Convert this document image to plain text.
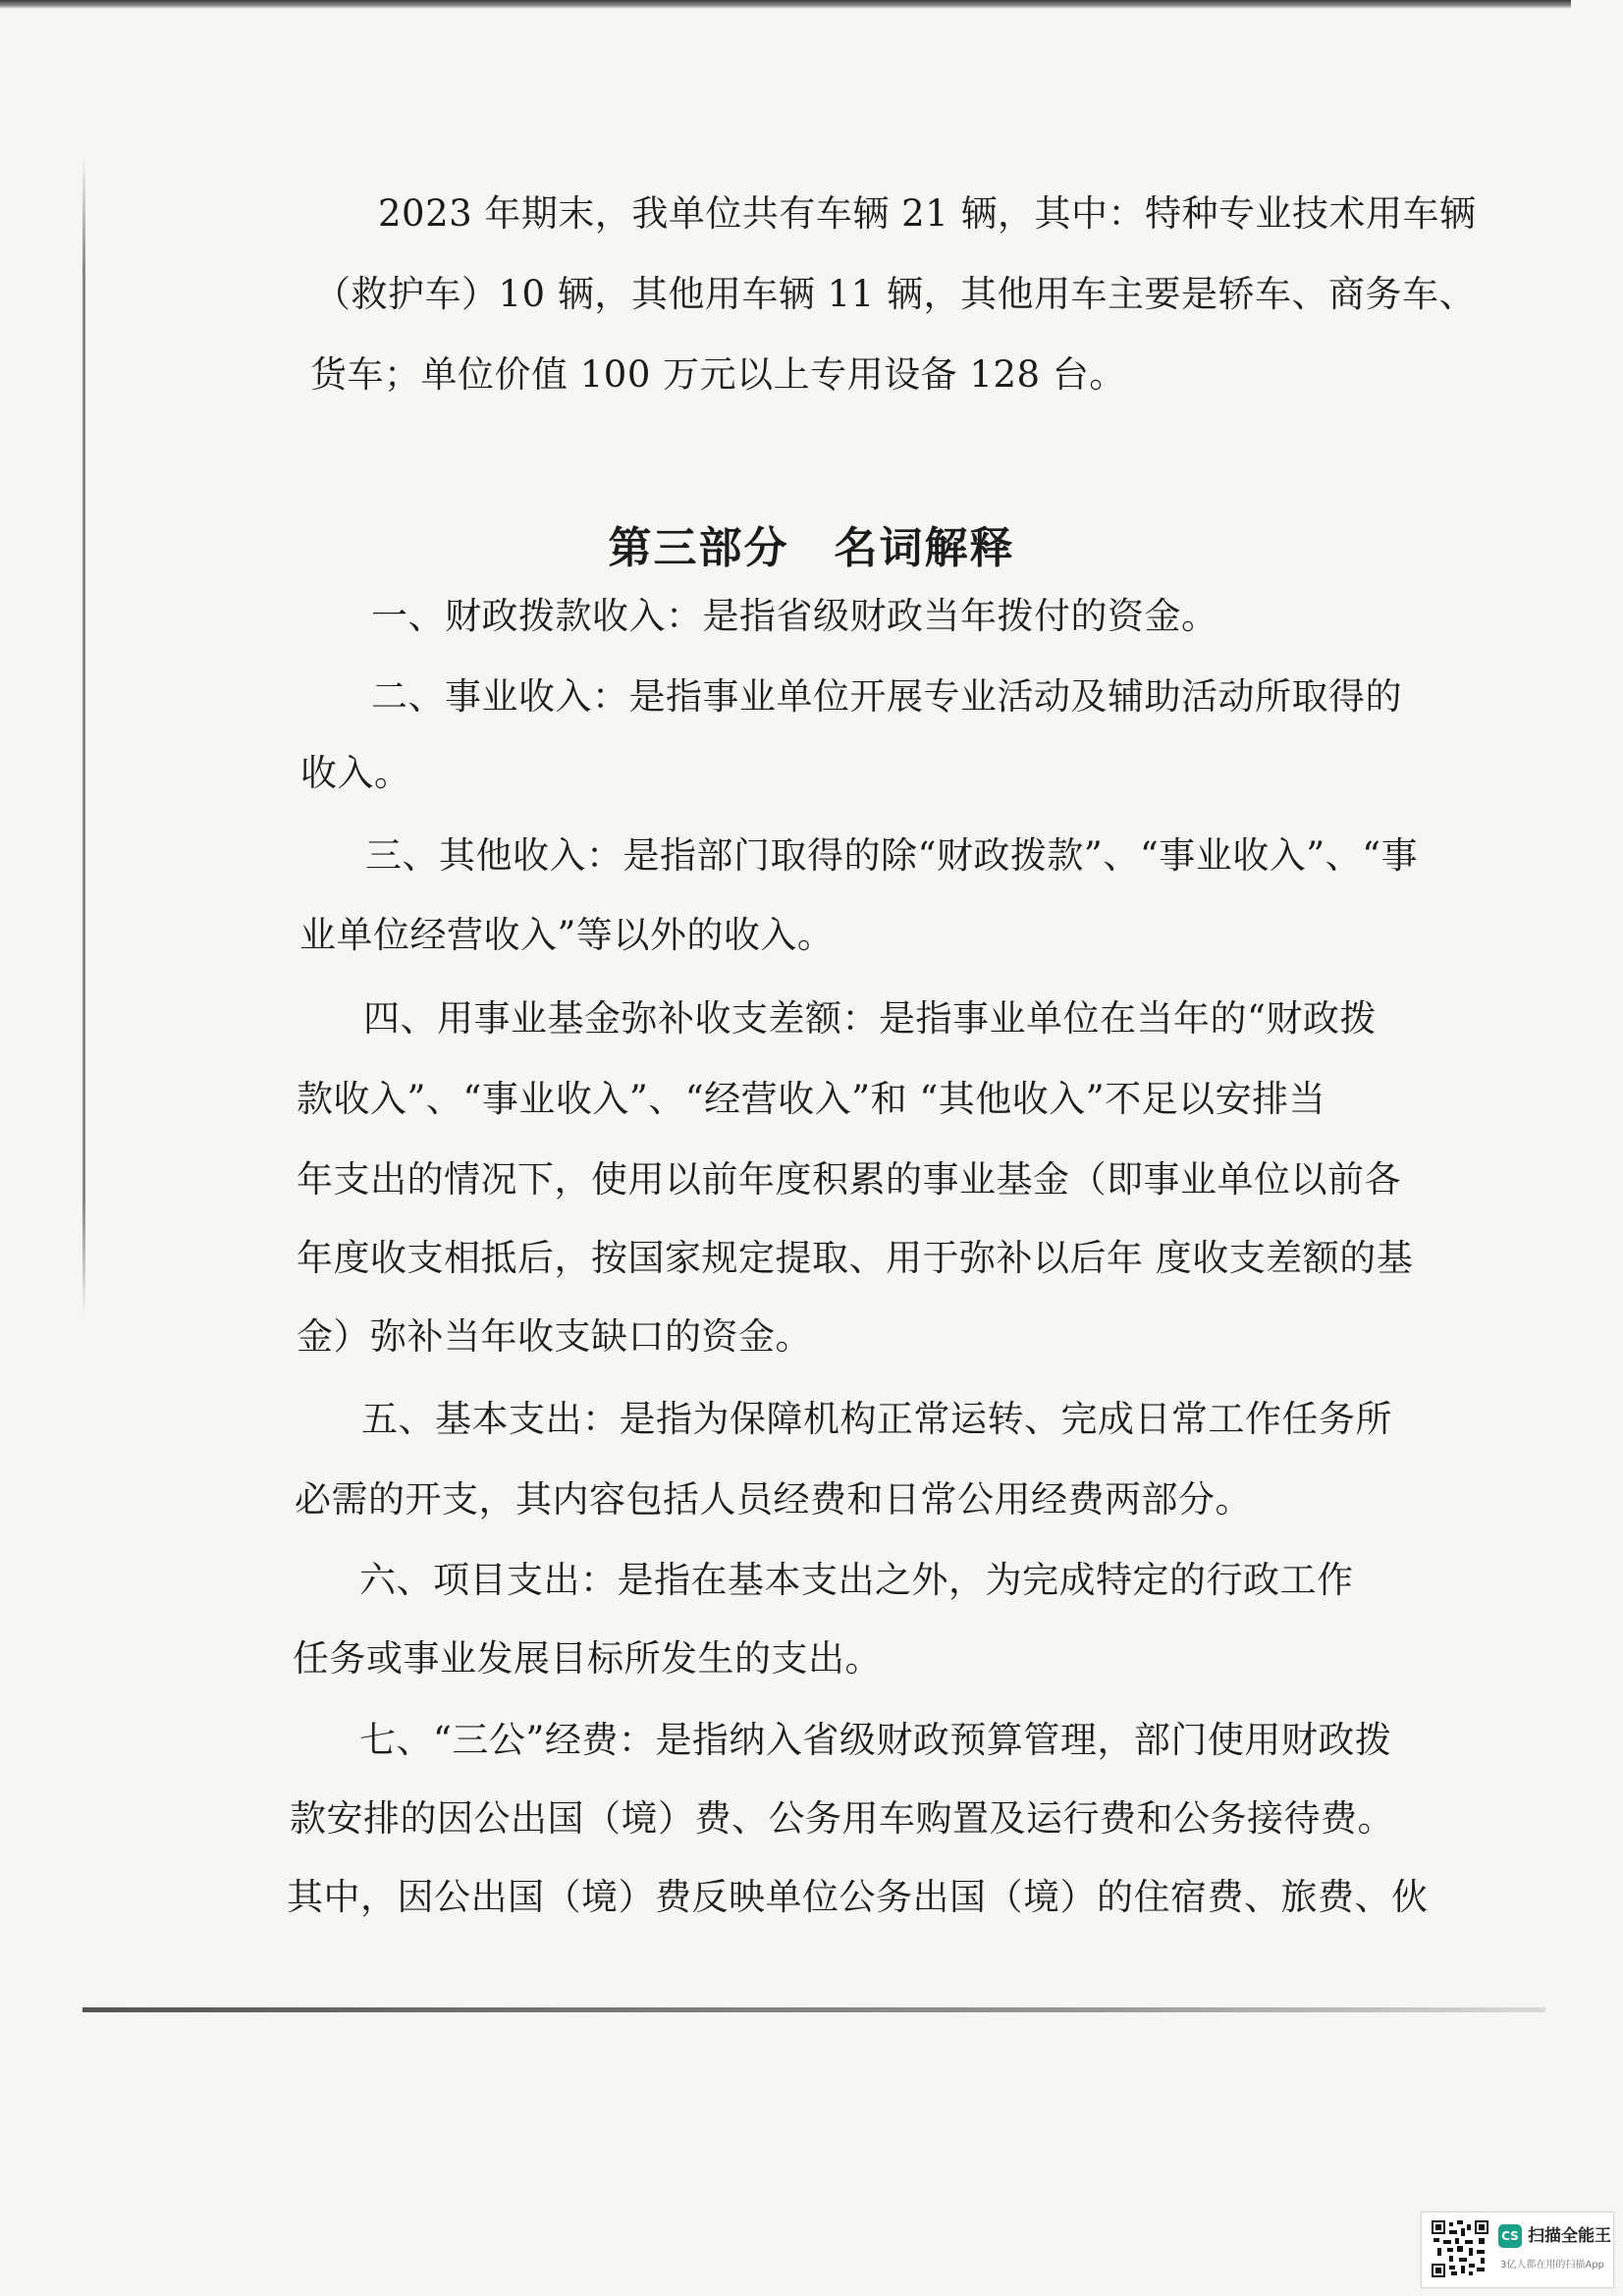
2023 年期末，我单位共有车辆 21 辆，其中：特种专业技术用车辆
（救护车）10 辆，其他用车辆 11 辆，其他用车主要是轿车、商务车、
货车；单位价值 100 万元以上专用设备 128 台。
第三部分　名词解释
一、财政拨款收入：是指省级财政当年拨付的资金。
二、事业收入：是指事业单位开展专业活动及辅助活动所取得的
收入。
三、其他收入：是指部门取得的除“财政拨款”、“事业收入”、“事
业单位经营收入”等以外的收入。
四、用事业基金弥补收支差额：是指事业单位在当年的“财政拨
款收入”、“事业收入”、“经营收入”和 “其他收入”不足以安排当
年支出的情况下，使用以前年度积累的事业基金（即事业单位以前各
年度收支相抵后，按国家规定提取、用于弥补以后年 度收支差额的基
金）弥补当年收支缺口的资金。
五、基本支出：是指为保障机构正常运转、完成日常工作任务所
必需的开支，其内容包括人员经费和日常公用经费两部分。
六、项目支出：是指在基本支出之外，为完成特定的行政工作
任务或事业发展目标所发生的支出。
七、“三公”经费：是指纳入省级财政预算管理，部门使用财政拨
款安排的因公出国（境）费、公务用车购置及运行费和公务接待费。
其中，因公出国（境）费反映单位公务出国（境）的住宿费、旅费、伙
CS 扫描全能王
3亿人都在用的扫描App
